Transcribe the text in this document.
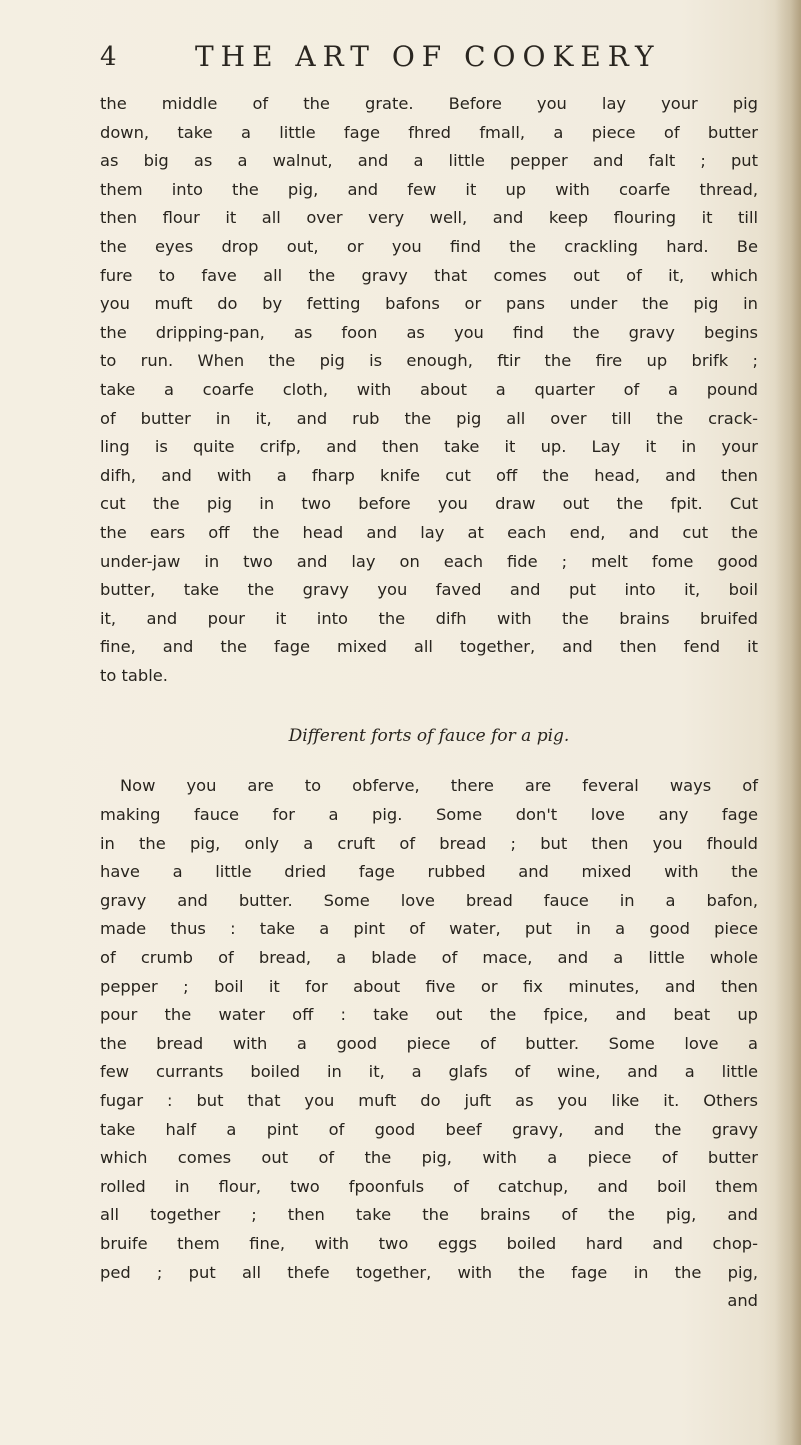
4	THE ART OF COOKERY
the middle of the grate. Before you lay your pig
down, take a little fage fhred fmall, a piece of butter
as big as a walnut, and a little pepper and falt ; put
them into the pig, and few it up with coarfe thread,
then flour it all over very well, and keep flouring it till
the eyes drop out, or you find the crackling hard. Be
fure to fave all the gravy that comes out of it, which
you muft do by fetting bafons or pans under the pig in
the dripping-pan, as foon as you find the gravy begins
to run. When the pig is enough, ftir the fire up brifk ;
take a coarfe cloth, with about a quarter of a pound
of butter in it, and rub the pig all over till the crack-
ling is quite crifp, and then take it up. Lay it in your
difh, and with a fharp knife cut off the head, and then
cut the pig in two before you draw out the fpit. Cut
the ears off the head and lay at each end, and cut the
under-jaw in two and lay on each fide ; melt fome good
butter, take the gravy you faved and put into it, boil
it, and pour it into the difh with the brains bruifed
fine, and the fage mixed all together, and then fend it
to table.
Different forts of fauce for a pig.
Now you are to obferve, there are feveral ways of
making fauce for a pig. Some don't love any fage
in the pig, only a cruft of bread ; but then you fhould
have a little dried fage rubbed and mixed with the
gravy and butter. Some love bread fauce in a bafon,
made thus : take a pint of water, put in a good piece
of crumb of bread, a blade of mace, and a little whole
pepper ; boil it for about five or fix minutes, and then
pour the water off : take out the fpice, and beat up
the bread with a good piece of butter. Some love a
few currants boiled in it, a glafs of wine, and a little
fugar : but that you muft do juft as you like it. Others
take half a pint of good beef gravy, and the gravy
which comes out of the pig, with a piece of butter
rolled in flour, two fpoonfuls of catchup, and boil them
all together ; then take the brains of the pig, and
bruife them fine, with two eggs boiled hard and chop-
ped ; put all thefe together, with the fage in the pig,
and
